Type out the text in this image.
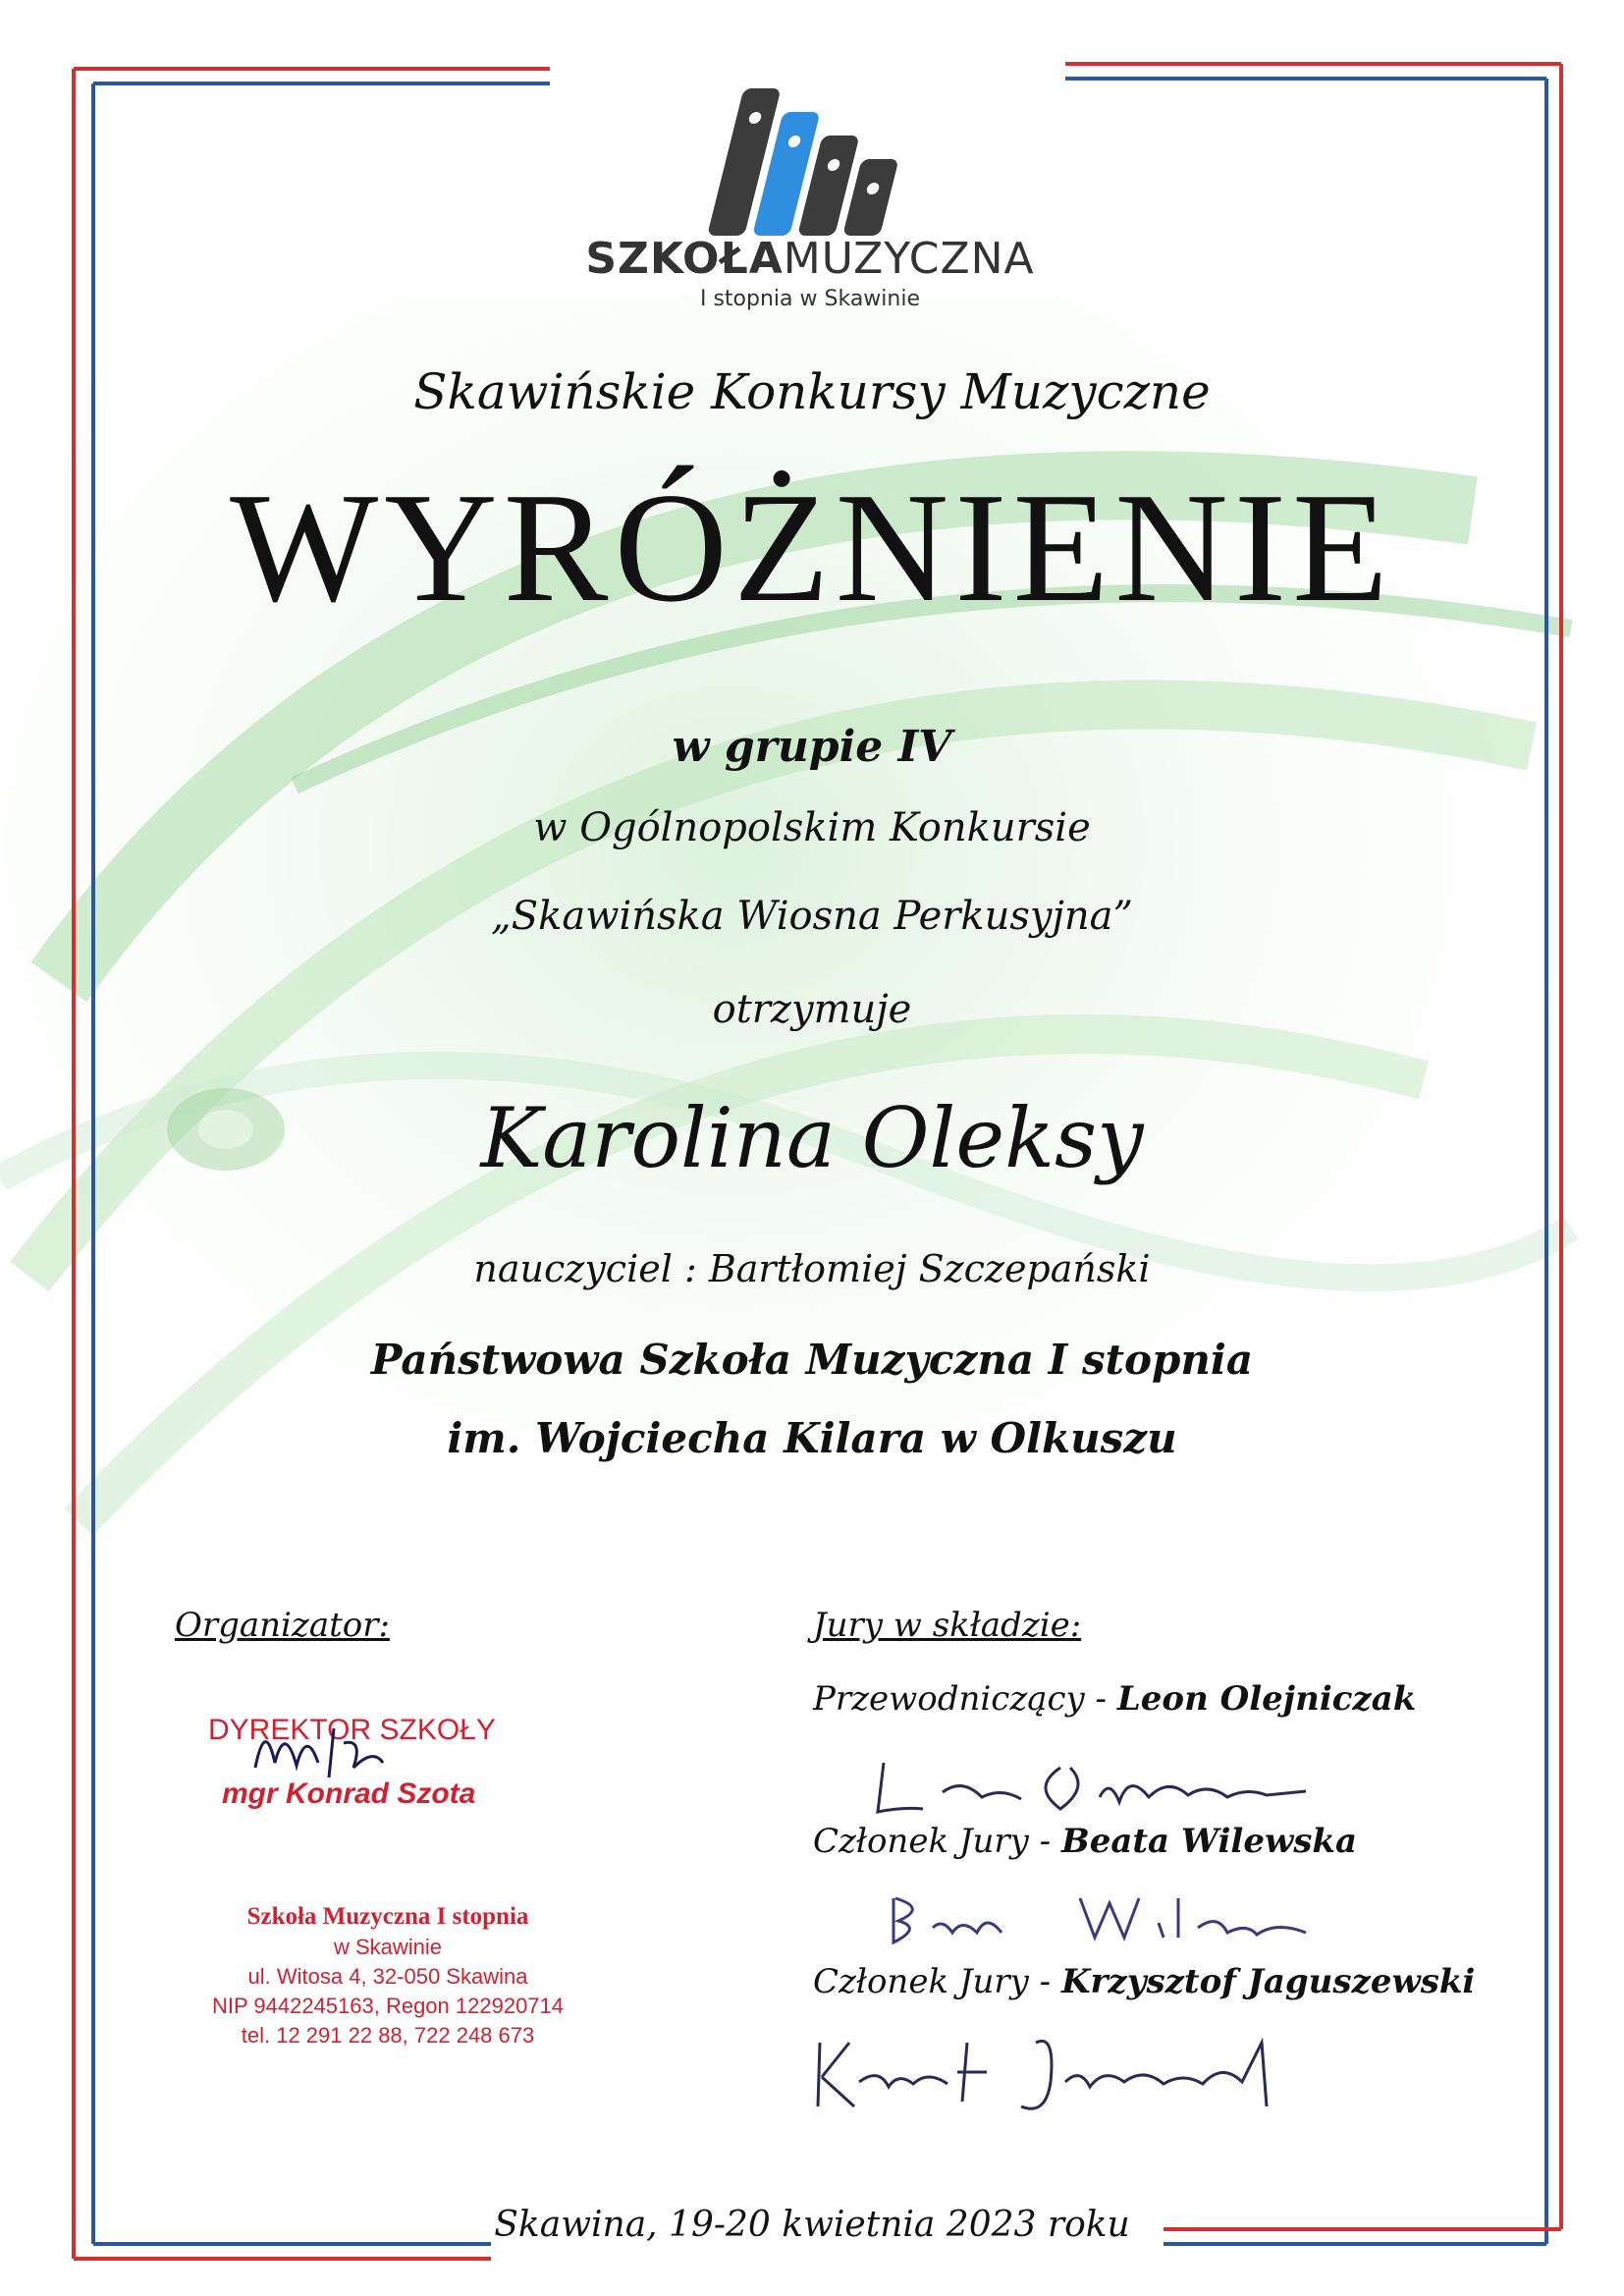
SZKOŁAMUZYCZNA
I stopnia w Skawinie
Skawińskie Konkursy Muzyczne
WYRÓŻNIENIE
w grupie IV
w Ogólnopolskim Konkursie
„Skawińska Wiosna Perkusyjna”
otrzymuje
Karolina Oleksy
nauczyciel : Bartłomiej Szczepański
Państwowa Szkoła Muzyczna I stopnia
im. Wojciecha Kilara w Olkuszu
Organizator:
DYREKTOR SZKOŁY
mgr Konrad Szota
Szkoła Muzyczna I stopnia
w Skawinie
ul. Witosa 4, 32-050 Skawina
NIP 9442245163, Regon 122920714
tel. 12 291 22 88, 722 248 673
Jury w składzie:
Przewodniczący - Leon Olejniczak
Członek Jury - Beata Wilewska
Członek Jury - Krzysztof Jaguszewski
Skawina, 19-20 kwietnia 2023 roku
